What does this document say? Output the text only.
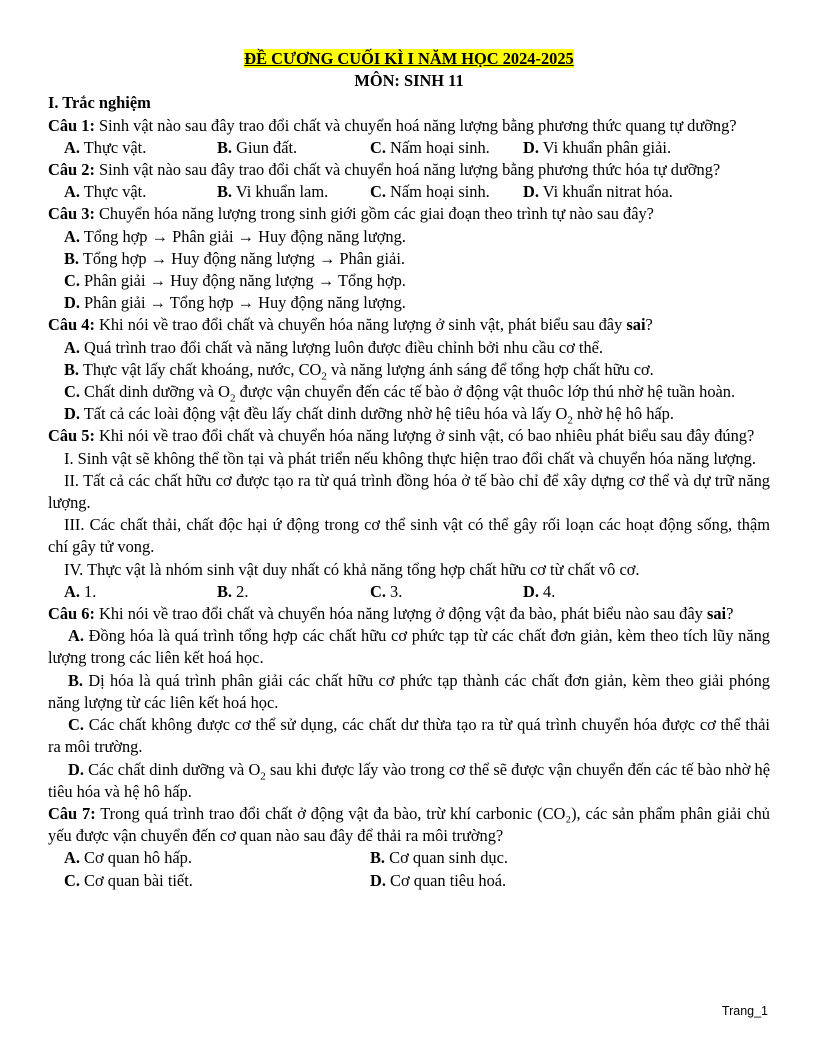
ĐỀ CƯƠNG CUỐI KÌ I NĂM HỌC 2024-2025
MÔN: SINH 11
I. Trắc nghiệm
Câu 1: Sinh vật nào sau đây trao đổi chất và chuyển hoá năng lượng bằng phương thức quang tự dưỡng?
A. Thực vật.	B. Giun đất.	C. Nấm hoại sinh.	D. Vi khuẩn phân giải.
Câu 2: Sinh vật nào sau đây trao đổi chất và chuyển hoá năng lượng bằng phương thức hóa tự dưỡng?
A. Thực vật.	B. Vi khuẩn lam.	C. Nấm hoại sinh.	D. Vi khuẩn nitrat hóa.
Câu 3: Chuyển hóa năng lượng trong sinh giới gồm các giai đoạn theo trình tự nào sau đây?
A. Tổng hợp → Phân giải → Huy động năng lượng.
B. Tổng hợp → Huy động năng lượng → Phân giải.
C. Phân giải → Huy động năng lượng → Tổng hợp.
D. Phân giải → Tổng hợp → Huy động năng lượng.
Câu 4: Khi nói về trao đổi chất và chuyển hóa năng lượng ở sinh vật, phát biểu sau đây sai?
A. Quá trình trao đổi chất và năng lượng luôn được điều chỉnh bởi nhu cầu cơ thể.
B. Thực vật lấy chất khoáng, nước, $CO_2$ và năng lượng ánh sáng để tổng hợp chất hữu cơ.
C. Chất dinh dưỡng và $O_2$ được vận chuyển đến các tế bào ở động vật thuôc lớp thú nhờ hệ tuần hoàn.
D. Tất cả các loài động vật đều lấy chất dinh dưỡng nhờ hệ tiêu hóa và lấy $O_2$ nhờ hệ hô hấp.
Câu 5: Khi nói về trao đổi chất và chuyển hóa năng lượng ở sinh vật, có bao nhiêu phát biểu sau đây đúng?
I. Sinh vật sẽ không thể tồn tại và phát triển nếu không thực hiện trao đổi chất và chuyển hóa năng lượng.
II. Tất cả các chất hữu cơ được tạo ra từ quá trình đồng hóa ở tế bào chỉ để xây dựng cơ thể và dự trữ năng lượng.
III. Các chất thải, chất độc hại ứ động trong cơ thể sinh vật có thể gây rối loạn các hoạt động sống, thậm chí gây tử vong.
IV. Thực vật là nhóm sinh vật duy nhất có khả năng tổng hợp chất hữu cơ từ chất vô cơ.
A. 1.	B. 2.	C. 3.	D. 4.
Câu 6: Khi nói về trao đổi chất và chuyển hóa năng lượng ở động vật đa bào, phát biểu nào sau đây sai?
A. Đồng hóa là quá trình tổng hợp các chất hữu cơ phức tạp từ các chất đơn giản, kèm theo tích lũy năng lượng trong các liên kết hoá học.
B. Dị hóa là quá trình phân giải các chất hữu cơ phức tạp thành các chất đơn giản, kèm theo giải phóng năng lượng từ các liên kết hoá học.
C. Các chất không được cơ thể sử dụng, các chất dư thừa tạo ra từ quá trình chuyển hóa được cơ thể thải ra môi trường.
D. Các chất dinh dưỡng và $O_2$ sau khi được lấy vào trong cơ thể sẽ được vận chuyển đến các tế bào nhờ hệ tiêu hóa và hệ hô hấp.
Câu 7: Trong quá trình trao đổi chất ở động vật đa bào, trừ khí carbonic (CO₂), các sản phẩm phân giải chủ yếu được vận chuyển đến cơ quan nào sau đây để thải ra môi trường?
A. Cơ quan hô hấp.	B. Cơ quan sinh dục.
C. Cơ quan bài tiết.	D. Cơ quan tiêu hoá.
Trang_1
